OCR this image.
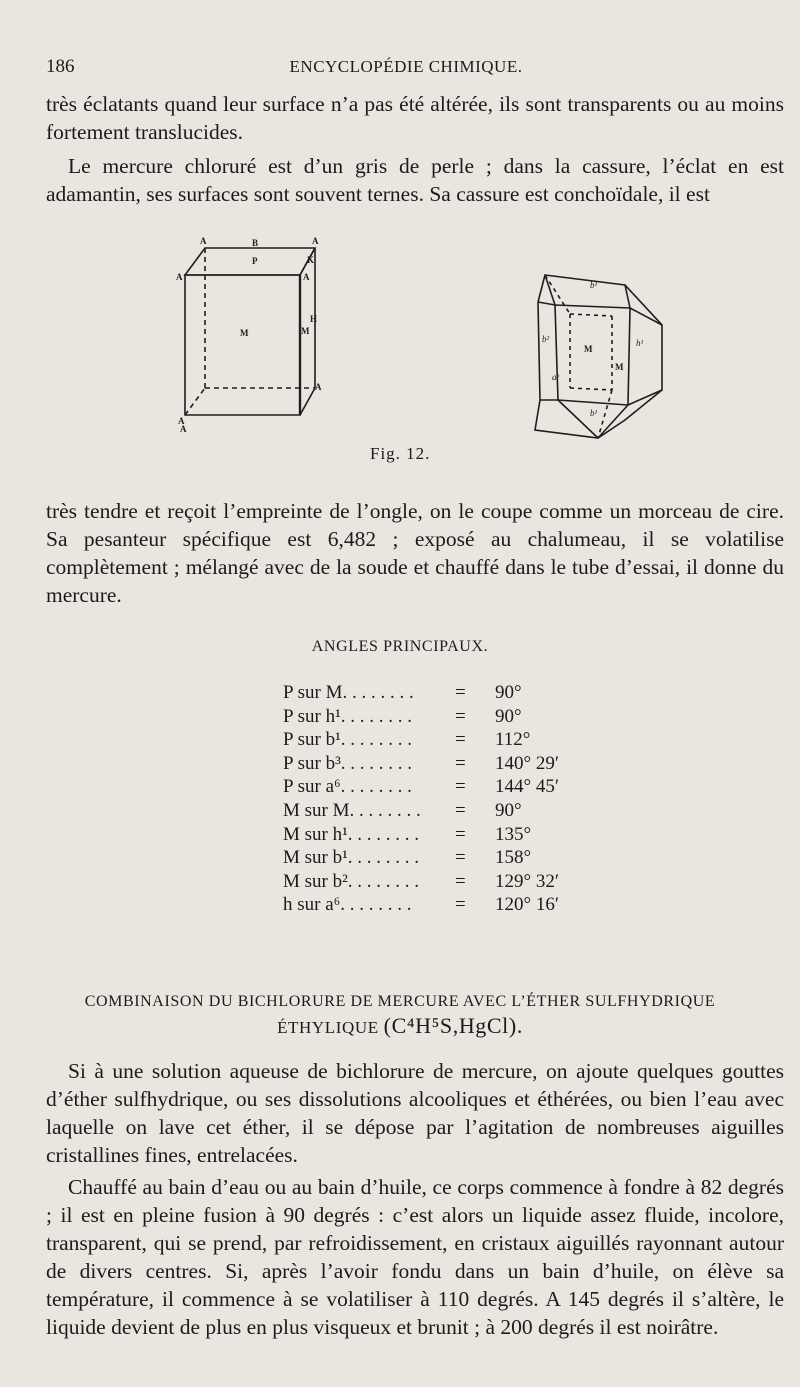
186	ENCYCLOPÉDIE CHIMIQUE.

très éclatants quand leur surface n’a pas été altérée, ils sont transparents ou au moins fortement translucides.

Le mercure chloruré est d’un gris de perle ; dans la cassure, l’éclat en est adamantin, ses surfaces sont souvent ternes. Sa cassure est conchoïdale, il est

A	B	A
K
P
A	A
M	M
H
A
A
A
b¹
b²
M
h¹
a⁶
b¹
M
Fig. 12.

très tendre et reçoit l’empreinte de l’ongle, on le coupe comme un morceau de cire. Sa pesanteur spécifique est 6,482 ; exposé au chalumeau, il se volatilise complètement ; mélangé avec de la soude et chauffé dans le tube d’essai, il donne du mercure.

ANGLES PRINCIPAUX.
P sur M. . . . . . . . = 90°
P sur h¹. . . . . . . . = 90°
P sur b¹. . . . . . . . = 112°
P sur b³. . . . . . . . = 140° 29′
P sur a⁶. . . . . . . . = 144° 45′
M sur M. . . . . . . . = 90°
M sur h¹. . . . . . . . = 135°
M sur b¹. . . . . . . . = 158°
M sur b². . . . . . . . = 129° 32′
h sur a⁶. . . . . . . . = 120° 16′
COMBINAISON DU BICHLORURE DE MERCURE AVEC L’ÉTHER SULFHYDRIQUE
ÉTHYLIQUE (C⁴H⁵S,HgCl).

Si à une solution aqueuse de bichlorure de mercure, on ajoute quelques gouttes d’éther sulfhydrique, ou ses dissolutions alcooliques et éthérées, ou bien l’eau avec laquelle on lave cet éther, il se dépose par l’agitation de nombreuses aiguilles cristallines fines, entrelacées.

Chauffé au bain d’eau ou au bain d’huile, ce corps commence à fondre à 82 degrés ; il est en pleine fusion à 90 degrés : c’est alors un liquide assez fluide, incolore, transparent, qui se prend, par refroidissement, en cristaux aiguillés rayonnant autour de divers centres. Si, après l’avoir fondu dans un bain d’huile, on élève sa température, il commence à se volatiliser à 110 degrés. A 145 degrés il s’altère, le liquide devient de plus en plus visqueux et brunit ; à 200 degrés il est noirâtre.
